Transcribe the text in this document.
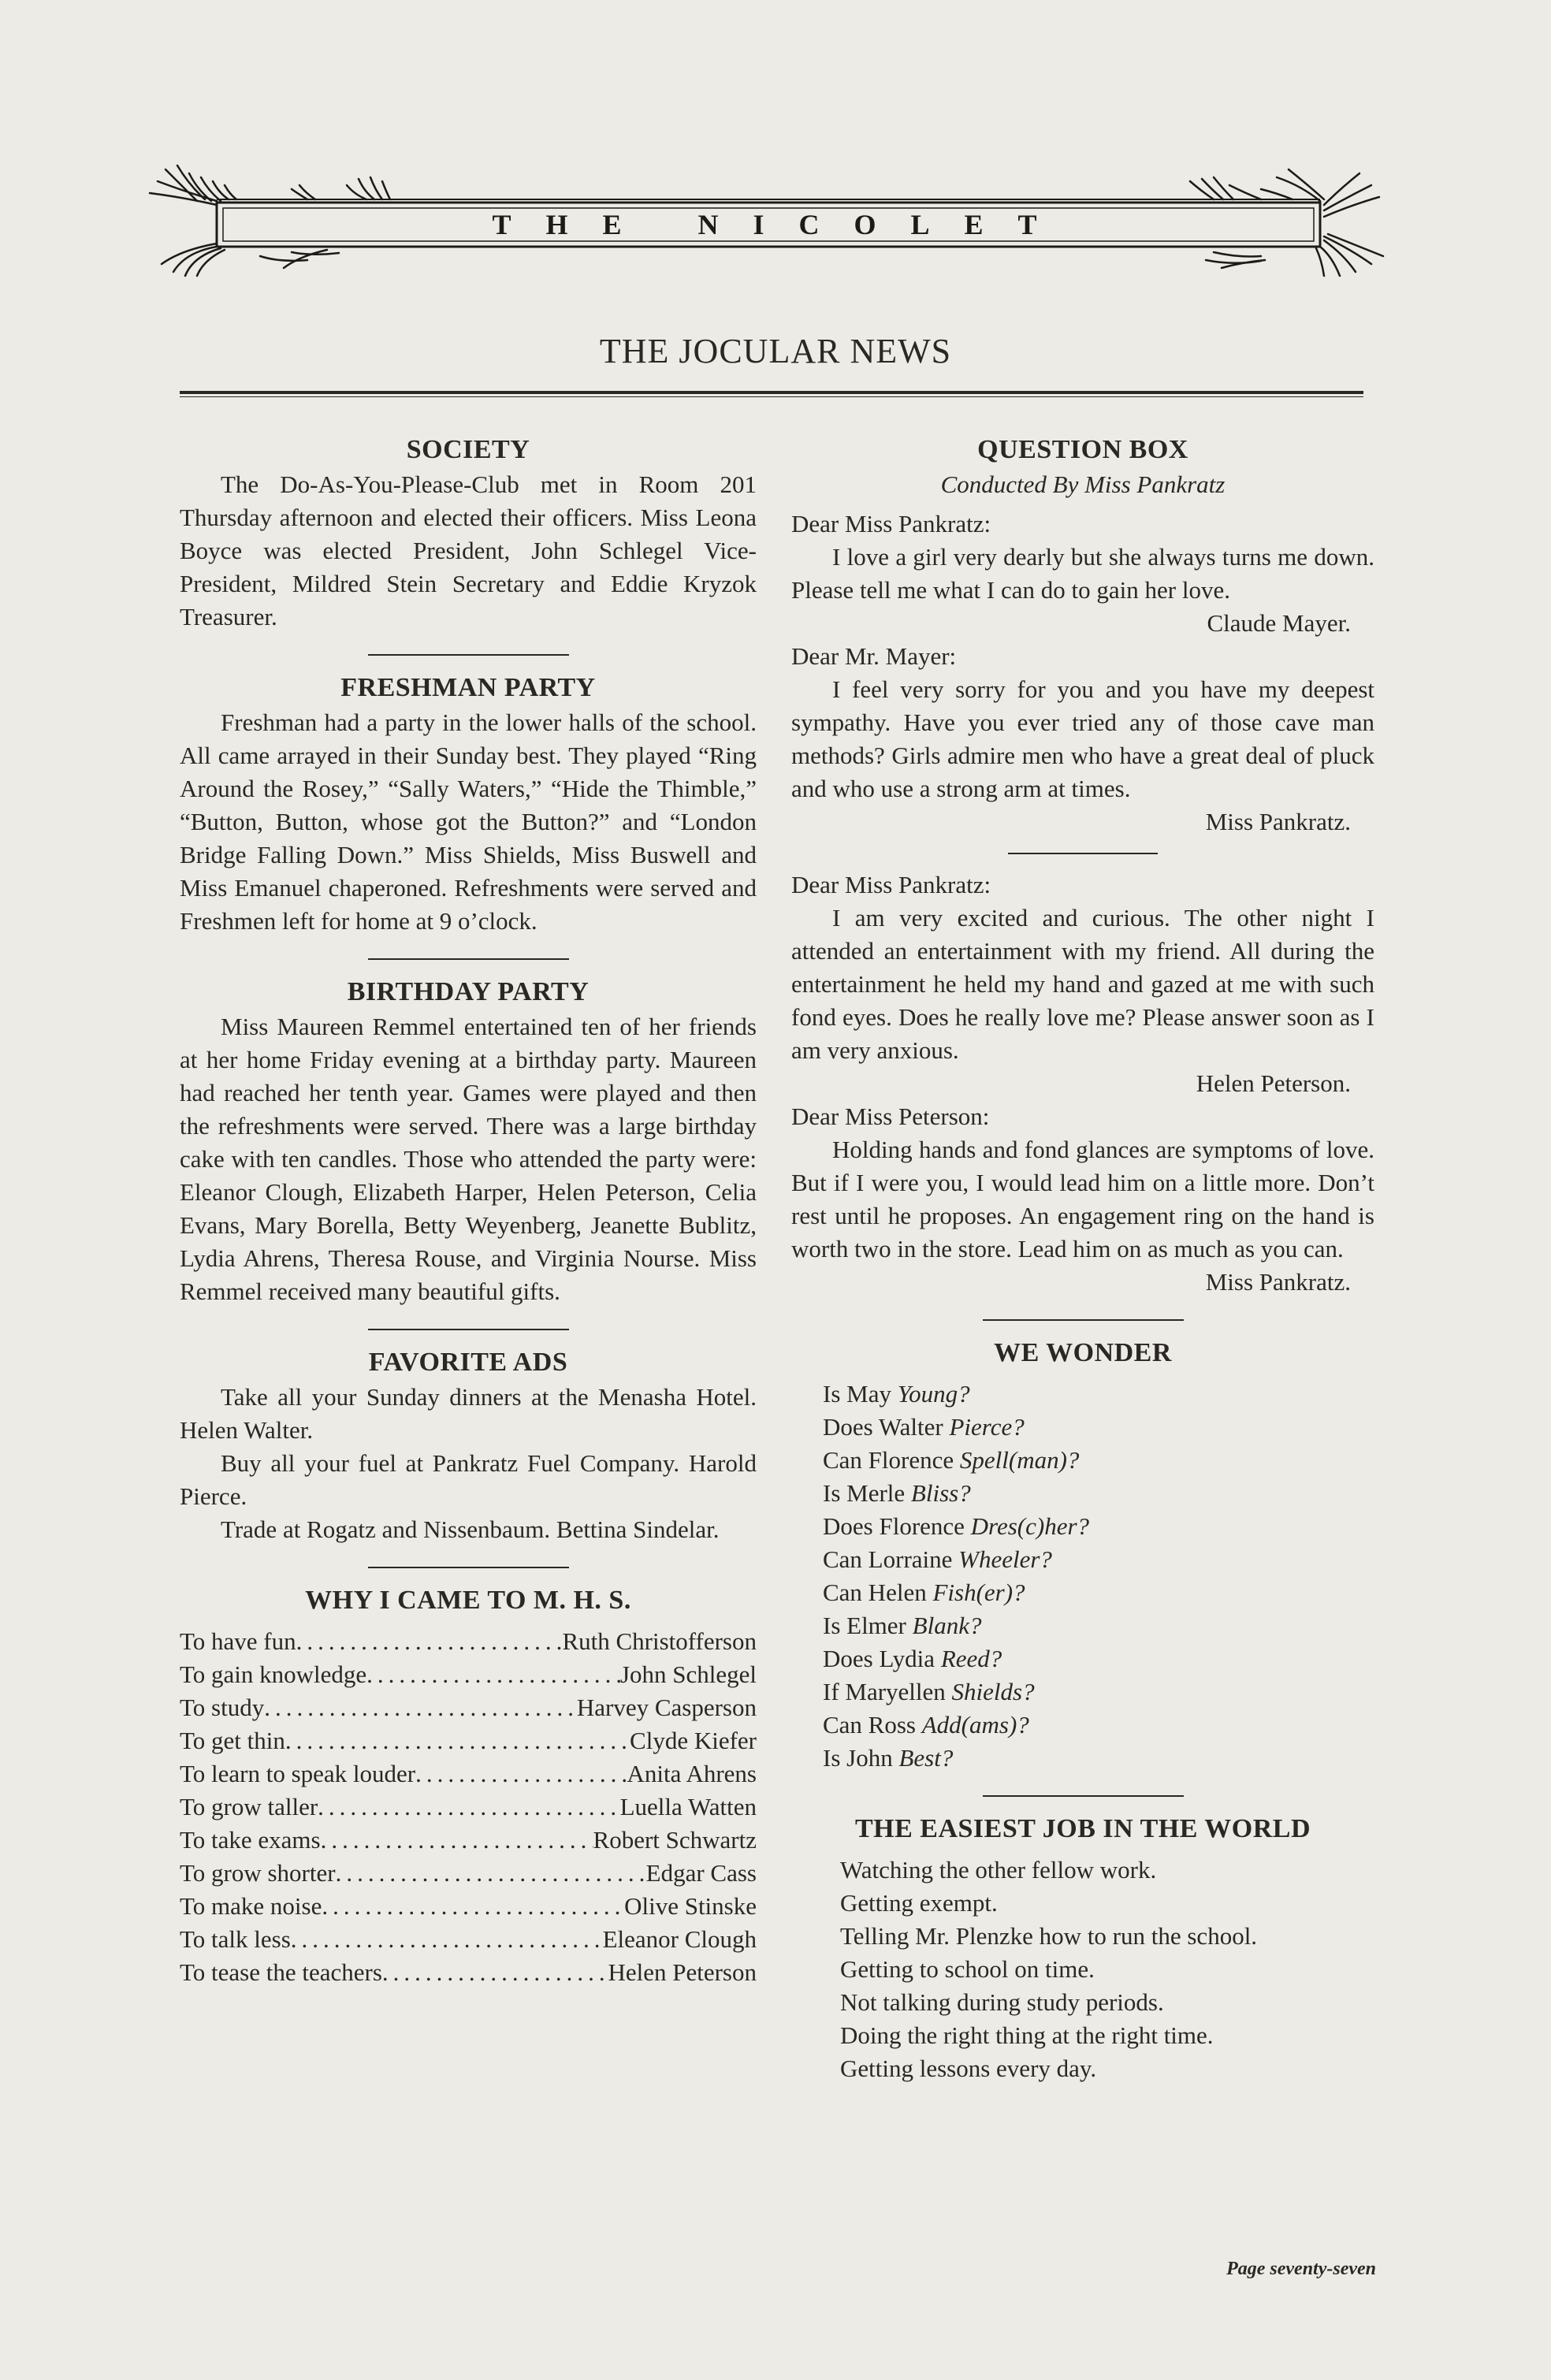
THE NICOLET
THE JOCULAR NEWS
SOCIETY

The Do-As-You-Please-Club met in Room 201 Thursday afternoon and elected their officers. Miss Leona Boyce was elected President, John Schlegel Vice-President, Mildred Stein Secretary and Eddie Kryzok Treasurer.

FRESHMAN PARTY

Freshman had a party in the lower halls of the school. All came arrayed in their Sunday best. They played “Ring Around the Rosey,” “Sally Waters,” “Hide the Thimble,” “Button, Button, whose got the Button?” and “London Bridge Falling Down.” Miss Shields, Miss Buswell and Miss Emanuel chaperoned. Refreshments were served and Freshmen left for home at 9 o’clock.

BIRTHDAY PARTY

Miss Maureen Remmel entertained ten of her friends at her home Friday evening at a birthday party. Maureen had reached her tenth year. Games were played and then the refreshments were served. There was a large birthday cake with ten candles. Those who attended the party were: Eleanor Clough, Elizabeth Harper, Helen Peterson, Celia Evans, Mary Borella, Betty Weyenberg, Jeanette Bublitz, Lydia Ahrens, Theresa Rouse, and Virginia Nourse. Miss Remmel received many beautiful gifts.

FAVORITE ADS

Take all your Sunday dinners at the Menasha Hotel. Helen Walter.

Buy all your fuel at Pankratz Fuel Company. Harold Pierce.

Trade at Rogatz and Nissenbaum. Bettina Sindelar.

WHY I CAME TO M. H. S.
To have fun .....	Ruth Christofferson
To gain knowledge .....	John Schlegel
To study .....	Harvey Casperson
To get thin .....	Clyde Kiefer
To learn to speak louder .....	Anita Ahrens
To grow taller .....	Luella Watten
To take exams .....	Robert Schwartz
To grow shorter .....	Edgar Cass
To make noise .....	Olive Stinske
To talk less .....	Eleanor Clough
To tease the teachers .....	Helen Peterson
QUESTION BOX
Conducted By Miss Pankratz
Dear Miss Pankratz:

I love a girl very dearly but she always turns me down. Please tell me what I can do to gain her love.

Claude Mayer.
Dear Mr. Mayer:

I feel very sorry for you and you have my deepest sympathy. Have you ever tried any of those cave man methods? Girls admire men who have a great deal of pluck and who use a strong arm at times.

Miss Pankratz.
Dear Miss Pankratz:

I am very excited and curious. The other night I attended an entertainment with my friend. All during the entertainment he held my hand and gazed at me with such fond eyes. Does he really love me? Please answer soon as I am very anxious.

Helen Peterson.
Dear Miss Peterson:

Holding hands and fond glances are symptoms of love. But if I were you, I would lead him on a little more. Don’t rest until he proposes. An engagement ring on the hand is worth two in the store. Lead him on as much as you can.

Miss Pankratz.
WE WONDER
Is May Young?
Does Walter Pierce?
Can Florence Spell(man)?
Is Merle Bliss?
Does Florence Dres(c)her?
Can Lorraine Wheeler?
Can Helen Fish(er)?
Is Elmer Blank?
Does Lydia Reed?
If Maryellen Shields?
Can Ross Add(ams)?
Is John Best?
THE EASIEST JOB IN THE WORLD
Watching the other fellow work.
Getting exempt.
Telling Mr. Plenzke how to run the school.
Getting to school on time.
Not talking during study periods.
Doing the right thing at the right time.
Getting lessons every day.
Page seventy-seven
